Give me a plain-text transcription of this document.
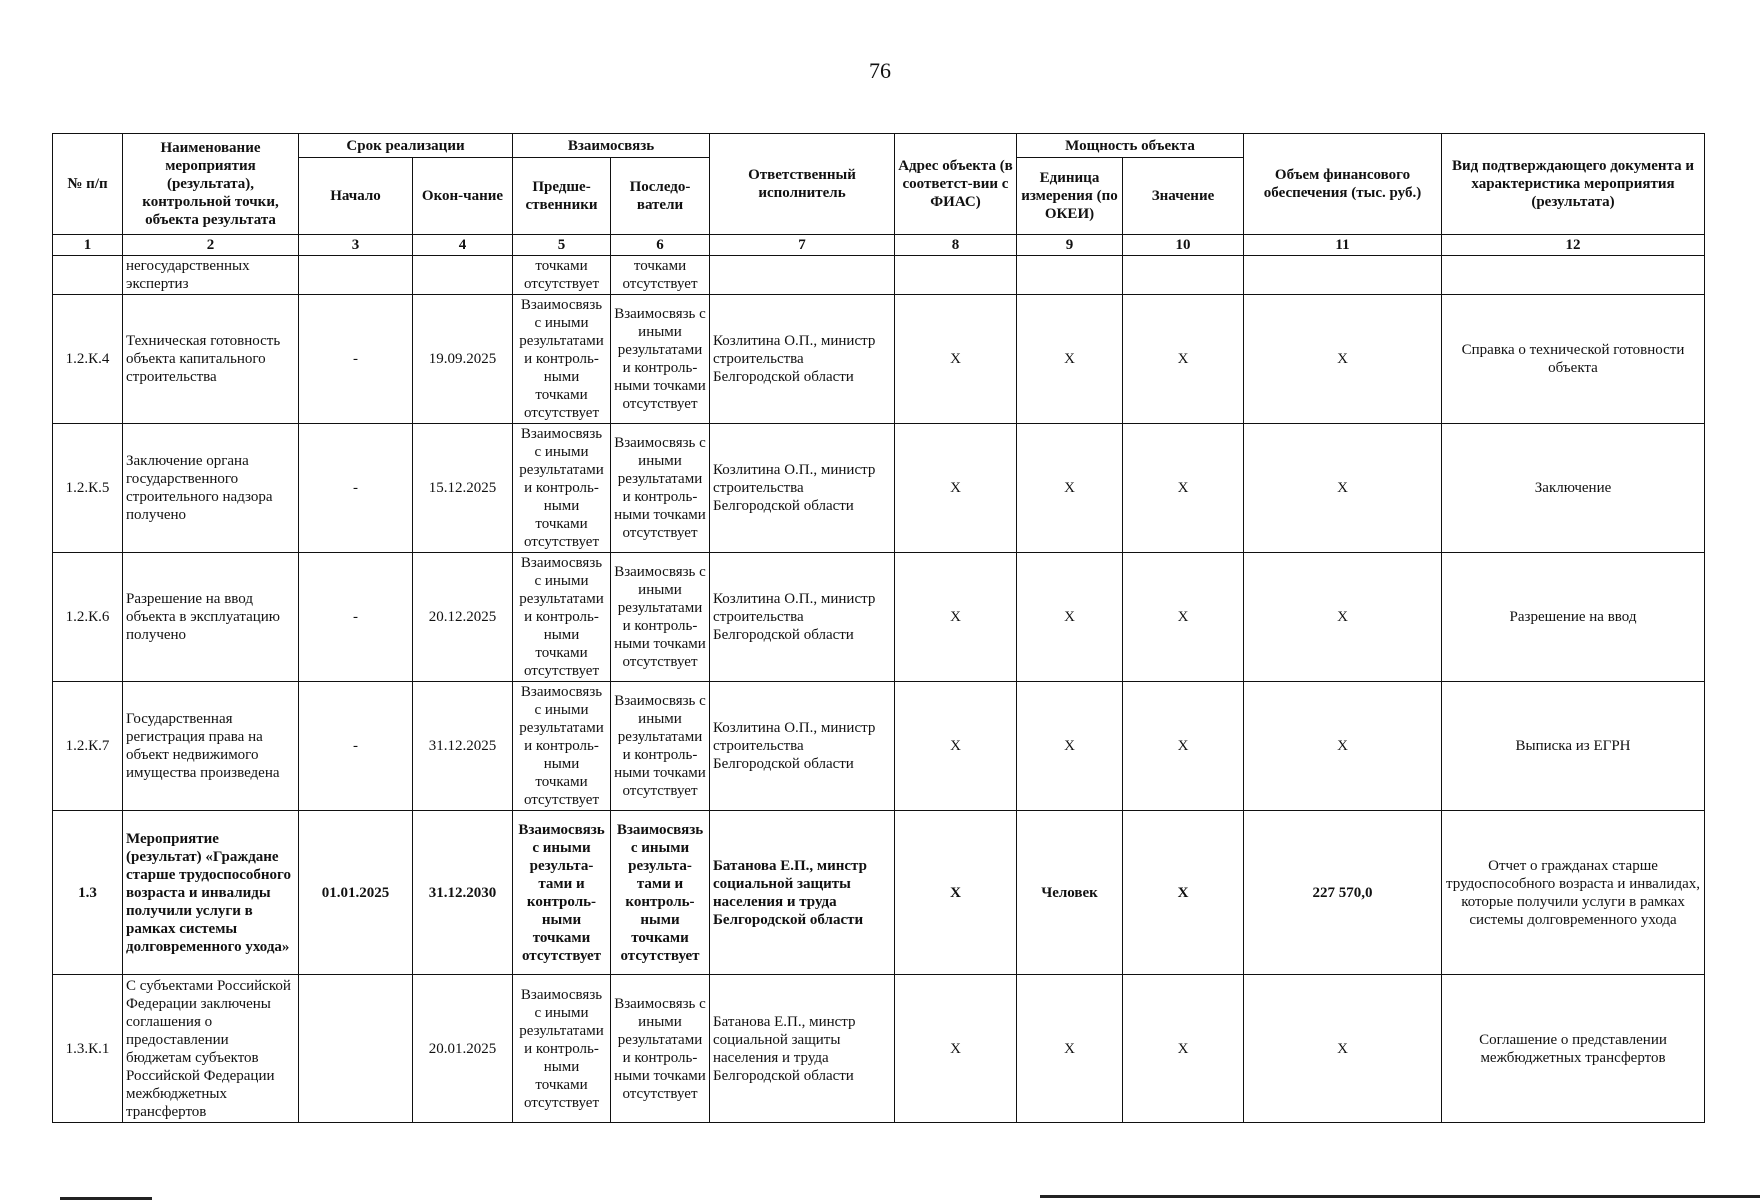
76
№ п/п	Наименование мероприятия (результата), контрольной точки, объекта результата	Срок реализации		Взаимосвязь		Ответственный исполнитель	Адрес объекта (в соответст-вии с ФИАС)	Мощность объекта		Объем финансового обеспечения (тыс. руб.)	Вид подтверждающего документа и характеристика мероприятия (результата)
		Начало	Окон-чание	Предше-ственники	Последо-ватели			Единица измерения (по ОКЕИ)	Значение		
1	2	3	4	5	6	7	8	9	10	11	12
	негосударственных экспертиз			точками отсутствует	точками отсутствует						
1.2.К.4	Техническая готовность объекта капитального строительства	-	19.09.2025	Взаимосвязь с иными результатами и контроль-ными точками отсутствует	Взаимосвязь с иными результатами и контроль-ными точками отсутствует	Козлитина О.П., министр строительства Белгородской области	X	X	X	X	Справка о технической готовности объекта
1.2.К.5	Заключение органа государственного строительного надзора получено	-	15.12.2025	Взаимосвязь с иными результатами и контроль-ными точками отсутствует	Взаимосвязь с иными результатами и контроль-ными точками отсутствует	Козлитина О.П., министр строительства Белгородской области	X	X	X	X	Заключение
1.2.К.6	Разрешение на ввод объекта в эксплуатацию получено	-	20.12.2025	Взаимосвязь с иными результатами и контроль-ными точками отсутствует	Взаимосвязь с иными результатами и контроль-ными точками отсутствует	Козлитина О.П., министр строительства Белгородской области	X	X	X	X	Разрешение на ввод
1.2.К.7	Государственная регистрация права на объект недвижимого имущества произведена	-	31.12.2025	Взаимосвязь с иными результатами и контроль-ными точками отсутствует	Взаимосвязь с иными результатами и контроль-ными точками отсутствует	Козлитина О.П., министр строительства Белгородской области	X	X	X	X	Выписка из ЕГРН
1.3	Мероприятие (результат) «Граждане старше трудоспособного возраста и инвалиды получили услуги в рамках системы долговременного ухода»	01.01.2025	31.12.2030	Взаимосвязь с иными результа-тами и контроль-ными точками отсутствует	Взаимосвязь с иными результа-тами и контроль-ными точками отсутствует	Батанова Е.П., минстр социальной защиты населения и труда Белгородской области	X	Человек	X	227 570,0	Отчет о гражданах старше трудоспособного возраста и инвалидах, которые получили услуги в рамках системы долговременного ухода
1.3.К.1	С субъектами Российской Федерации заключены соглашения о предоставлении бюджетам субъектов Российской Федерации межбюджетных трансфертов		20.01.2025	Взаимосвязь с иными результатами и контроль-ными точками отсутствует	Взаимосвязь с иными результатами и контроль-ными точками отсутствует	Батанова Е.П., минстр социальной защиты населения и труда Белгородской области	X	X	X	X	Соглашение о представлении межбюджетных трансфертов
